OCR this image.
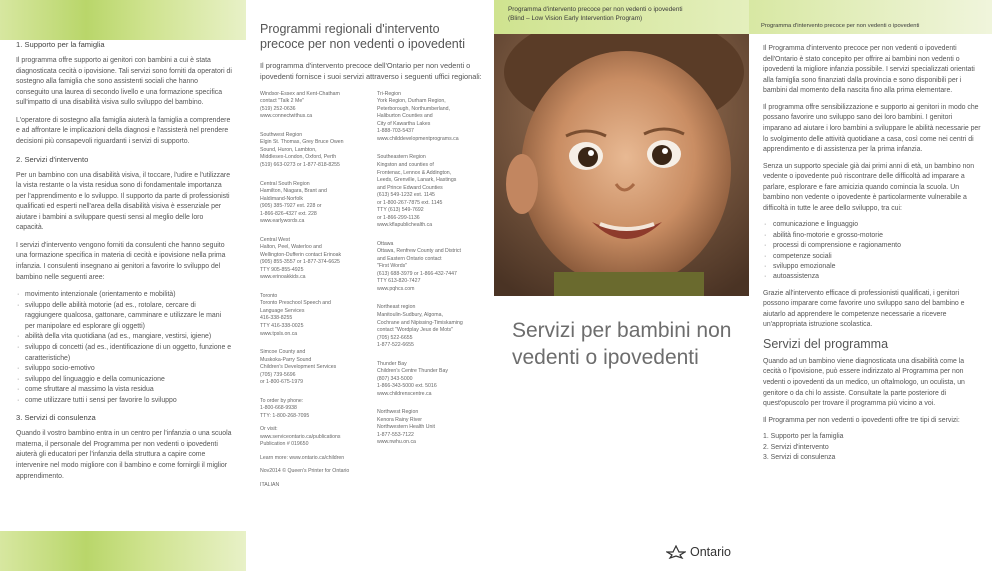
1. Supporto per la famiglia

Il programma offre supporto ai genitori con bambini a cui è stata diagnosticata cecità o ipovisione. Tali servizi sono forniti da operatori di sostegno alla famiglia che sono assistenti sociali che hanno conseguito una laurea di secondo livello e una formazione specifica sull'impatto di una disabilità visiva sullo sviluppo del bambino.

L'operatore di sostegno alla famiglia aiuterà la famiglia a comprendere e ad affrontare le implicazioni della diagnosi e l'assisterà nel prendere decisioni più consapevoli riguardanti i servizi di supporto.

2. Servizi d'intervento

Per un bambino con una disabilità visiva, il toccare, l'udire e l'utilizzare la vista restante o la vista residua sono di fondamentale importanza per l'apprendimento e lo sviluppo. Il supporto da parte di professionisti qualificati ed esperti nell'area della disabilità visiva è essenziale per aiutare i bambini a sviluppare questi sensi al meglio delle loro capacità.

I servizi d'intervento vengono forniti da consulenti che hanno seguito una formazione specifica in materia di cecità e ipovisione nella prima infanzia. I consulenti insegnano ai genitori a favorire lo sviluppo del bambino nelle seguenti aree:

· movimento intenzionale (orientamento e mobilità)
· sviluppo delle abilità motorie (ad es., rotolare, cercare di raggiungere qualcosa, gattonare, camminare e utilizzare le mani per manipolare ed esplorare gli oggetti)
· abilità della vita quotidiana (ad es., mangiare, vestirsi, igiene)
· sviluppo di concetti (ad es., identificazione di un oggetto, funzione e caratteristiche)
· sviluppo socio-emotivo
· sviluppo del linguaggio e della comunicazione
· come sfruttare al massimo la vista residua
· come utilizzare tutti i sensi per favorire lo sviluppo
3. Servizi di consulenza

Quando il vostro bambino entra in un centro per l'infanzia o una scuola materna, il personale del Programma per non vedenti o ipovedenti aiuterà gli educatori per l'infanzia della struttura a capire come intervenire nel modo migliore con il bambino e come fornirgli il miglior apprendimento.

Programmi regionali d'intervento precoce per non vedenti o ipovedenti
Il programma d'intervento precoce dell'Ontario per non vedenti o ipovedenti fornisce i suoi servizi attraverso i seguenti uffici regionali:
Windsor-Essex and Kent-Chatham
contact "Talk 2 Me"
(519) 252-0636
www.connectwithus.ca
Southwest Region
Elgin St. Thomas, Grey Bruce Owen
Sound, Huron, Lambton,
Middlesex-London, Oxford, Perth
(519) 663-0273 or 1-877-818-8255
Central South Region
Hamilton, Niagara, Brant and
Haldimand-Norfolk
(905) 385-7927 ext. 228 or
1-866-826-4327 ext. 228
www.earlywords.ca
Central West
Halton, Peel, Waterloo and
Wellington-Dufferin contact Erinoak
(905) 855-3557 or 1-877-374-6625
TTY 905-855-4925
www.erinoakkids.ca
Toronto
Toronto Preschool Speech and
Language Services
416-338-8255
TTY 416-338-0025
www.tpsls.on.ca
Simcoe County and
Muskoka-Parry Sound
Children's Development Services
(705) 739-5696
or 1-800-675-1979
To order by phone:
1-800-668-9938
TTY: 1-800-268-7095
Or visit:
www.serviceontario.ca/publications
Publication # 019650
Learn more: www.ontario.ca/children
Nov2014 © Queen's Printer for Ontario
ITALIAN
Tri-Region
York Region, Durham Region,
Peterborough, Northumberland,
Haliburton Counties and
City of Kawartha Lakes
1-888-703-5437
www.childdevelopmentprograms.ca
Southeastern Region
Kingston and counties of
Frontenac, Lennox & Addington,
Leeds, Grenville, Lanark, Hastings
and Prince Edward Counties
(613) 549-1232 ext. 1145
or 1-800-267-7875 ext. 1145
TTY (613) 549-7692
or 1-866-299-1136
www.kflapublichealth.ca
Ottawa
Ottawa, Renfrew County and District
and Eastern Ontario contact
"First Words"
(613) 688-3979 or 1-866-432-7447
TTY 613-820-7427
www.pqhcs.com
Northeast region
Manitoulin-Sudbury, Algoma,
Cochrane and Nipissing-Timiskaming
contact "Wordplay Jeux de Mots"
(705) 522-6655
1-877-522-6655
Thunder Bay
Children's Centre Thunder Bay
(807) 343-5000
1-866-343-5000 ext. 5016
www.childrenscentre.ca
Northwest Region
Kenora Rainy River
Northwestern Health Unit
1-877-553-7122
www.nwhu.on.ca
Programma d'intervento precoce per non vedenti o ipovedenti
(Blind – Low Vision Early Intervention Program)
Servizi per bambini non vedenti o ipovedenti
Ontario
Programma d'intervento precoce per non vedenti o ipovedenti

Il Programma d'intervento precoce per non vedenti o ipovedenti dell'Ontario è stato concepito per offrire ai bambini non vedenti o ipovedenti la migliore infanzia possibile. I servizi specializzati orientati alla famiglia sono finanziati dalla provincia e sono disponibili per i bambini dal momento della nascita fino alla prima elementare.

Il programma offre sensibilizzazione e supporto ai genitori in modo che possano favorire uno sviluppo sano dei loro bambini. I genitori imparano ad aiutare i loro bambini a sviluppare le abilità necessarie per lo svolgimento delle attività quotidiane a casa, così come nei centri di apprendimento e di assistenza per la prima infanzia.

Senza un supporto speciale già dai primi anni di età, un bambino non vedente o ipovedente può riscontrare delle difficoltà ad imparare a parlare, esplorare e fare amicizia quando comincia la scuola. Un bambino non vedente o ipovedente è particolarmente vulnerabile a difficoltà in tutte le aree dello sviluppo, tra cui:

· comunicazione e linguaggio
· abilità fino-motorie e grosso-motorie
· processi di comprensione e ragionamento
· competenze sociali
· sviluppo emozionale
· autoassistenza

Grazie all'intervento efficace di professionisti qualificati, i genitori possono imparare come favorire uno sviluppo sano del bambino e aiutarlo ad apprendere le competenze necessarie a ricevere un'appropriata istruzione scolastica.

Servizi del programma

Quando ad un bambino viene diagnosticata una disabilità come la cecità o l'ipovisione, può essere indirizzato al Programma per non vedenti o ipovedenti da un medico, un oftalmologo, un oculista, un genitore o da chi lo assiste. Consultate la parte posteriore di quest'opuscolo per trovare il programma più vicino a voi.

Il Programma per non vedenti o ipovedenti offre tre tipi di servizi:

1. Supporto per la famiglia
2. Servizi d'intervento
3. Servizi di consulenza
